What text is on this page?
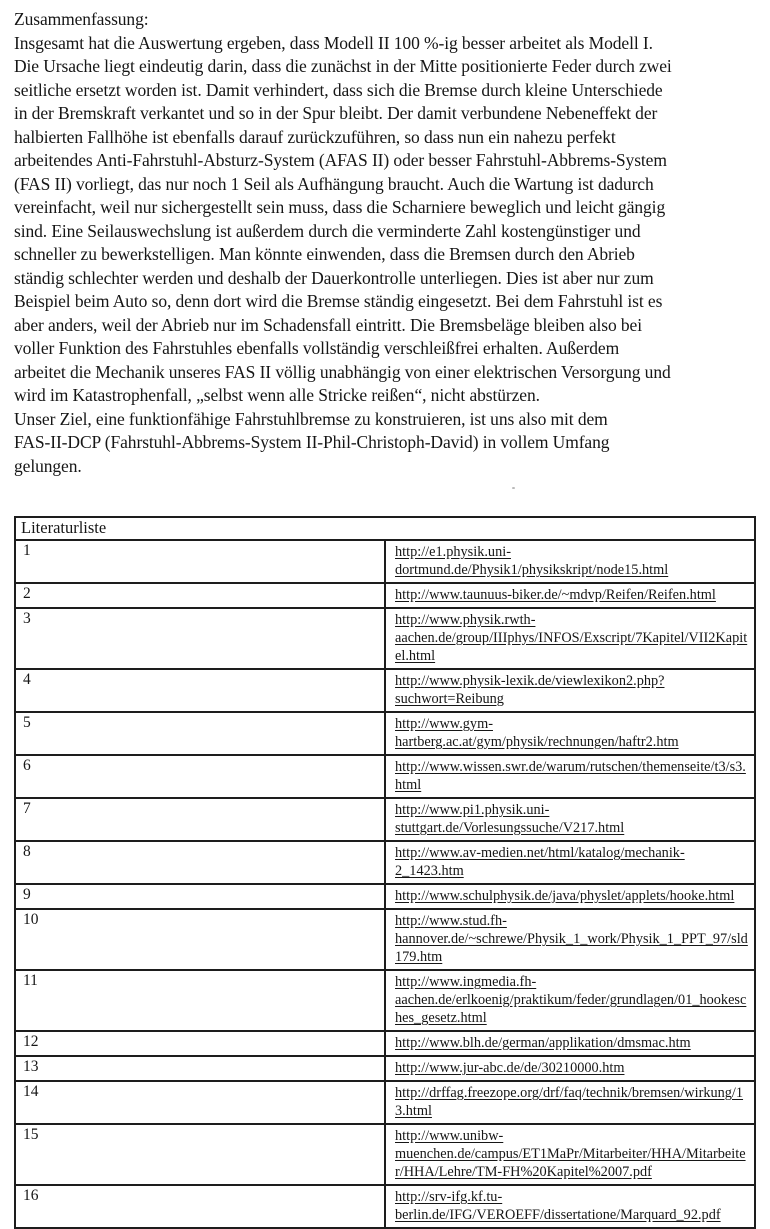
Zusammenfassung:
Insgesamt hat die Auswertung ergeben, dass Modell II 100 %-ig besser arbeitet als Modell I.
Die Ursache liegt eindeutig darin, dass die zunächst in der Mitte positionierte Feder durch zwei
seitliche ersetzt worden ist. Damit verhindert, dass sich die Bremse durch kleine Unterschiede
in der Bremskraft verkantet und so in der Spur bleibt. Der damit verbundene Nebeneffekt der
halbierten Fallhöhe ist ebenfalls darauf zurückzuführen, so dass nun ein nahezu perfekt
arbeitendes Anti-Fahrstuhl-Absturz-System (AFAS II) oder besser Fahrstuhl-Abbrems-System
(FAS II) vorliegt, das nur noch 1 Seil als Aufhängung braucht. Auch die Wartung ist dadurch
vereinfacht, weil nur sichergestellt sein muss, dass die Scharniere beweglich und leicht gängig
sind. Eine Seilauswechslung ist außerdem durch die verminderte Zahl kostengünstiger und
schneller zu bewerkstelligen. Man könnte einwenden, dass die Bremsen durch den Abrieb
ständig schlechter werden und deshalb der Dauerkontrolle unterliegen. Dies ist aber nur zum
Beispiel beim Auto so, denn dort wird die Bremse ständig eingesetzt. Bei dem Fahrstuhl ist es
aber anders, weil der Abrieb nur im Schadensfall eintritt. Die Bremsbeläge bleiben also bei
voller Funktion des Fahrstuhles ebenfalls vollständig verschleißfrei erhalten. Außerdem
arbeitet die Mechanik unseres FAS II völlig unabhängig von einer elektrischen Versorgung und
wird im Katastrophenfall, „selbst wenn alle Stricke reißen“, nicht abstürzen.
Unser Ziel, eine funktionfähige Fahrstuhlbremse zu konstruieren, ist uns also mit dem
FAS-II-DCP (Fahrstuhl-Abbrems-System II-Phil-Christoph-David) in vollem Umfang
gelungen.
Literaturliste	
1	http://e1.physik.uni-dortmund.de/Physik1/physikskript/node15.html
2	http://www.taunuus-biker.de/~mdvp/Reifen/Reifen.html
3	http://www.physik.rwth-aachen.de/group/IIIphys/INFOS/Exscript/7Kapitel/VII2Kapitel.html
4	http://www.physik-lexik.de/viewlexikon2.php?suchwort=Reibung
5	http://www.gym-hartberg.ac.at/gym/physik/rechnungen/haftr2.htm
6	http://www.wissen.swr.de/warum/rutschen/themenseite/t3/s3.html
7	http://www.pi1.physik.uni-stuttgart.de/Vorlesungssuche/V217.html
8	http://www.av-medien.net/html/katalog/mechanik-2_1423.htm
9	http://www.schulphysik.de/java/physlet/applets/hooke.html
10	http://www.stud.fh-hannover.de/~schrewe/Physik_1_work/Physik_1_PPT_97/sld179.htm
11	http://www.ingmedia.fh-aachen.de/erlkoenig/praktikum/feder/grundlagen/01_hookesches_gesetz.html
12	http://www.blh.de/german/applikation/dmsmac.htm
13	http://www.jur-abc.de/de/30210000.htm
14	http://drffag.freezope.org/drf/faq/technik/bremsen/wirkung/13.html
15	http://www.unibw-muenchen.de/campus/ET1MaPr/Mitarbeiter/HHA/Mitarbeiter/HHA/Lehre/TM-FH%20Kapitel%2007.pdf
16	http://srv-ifg.kf.tu-berlin.de/IFG/VEROEFF/dissertatione/Marquard_92.pdf
